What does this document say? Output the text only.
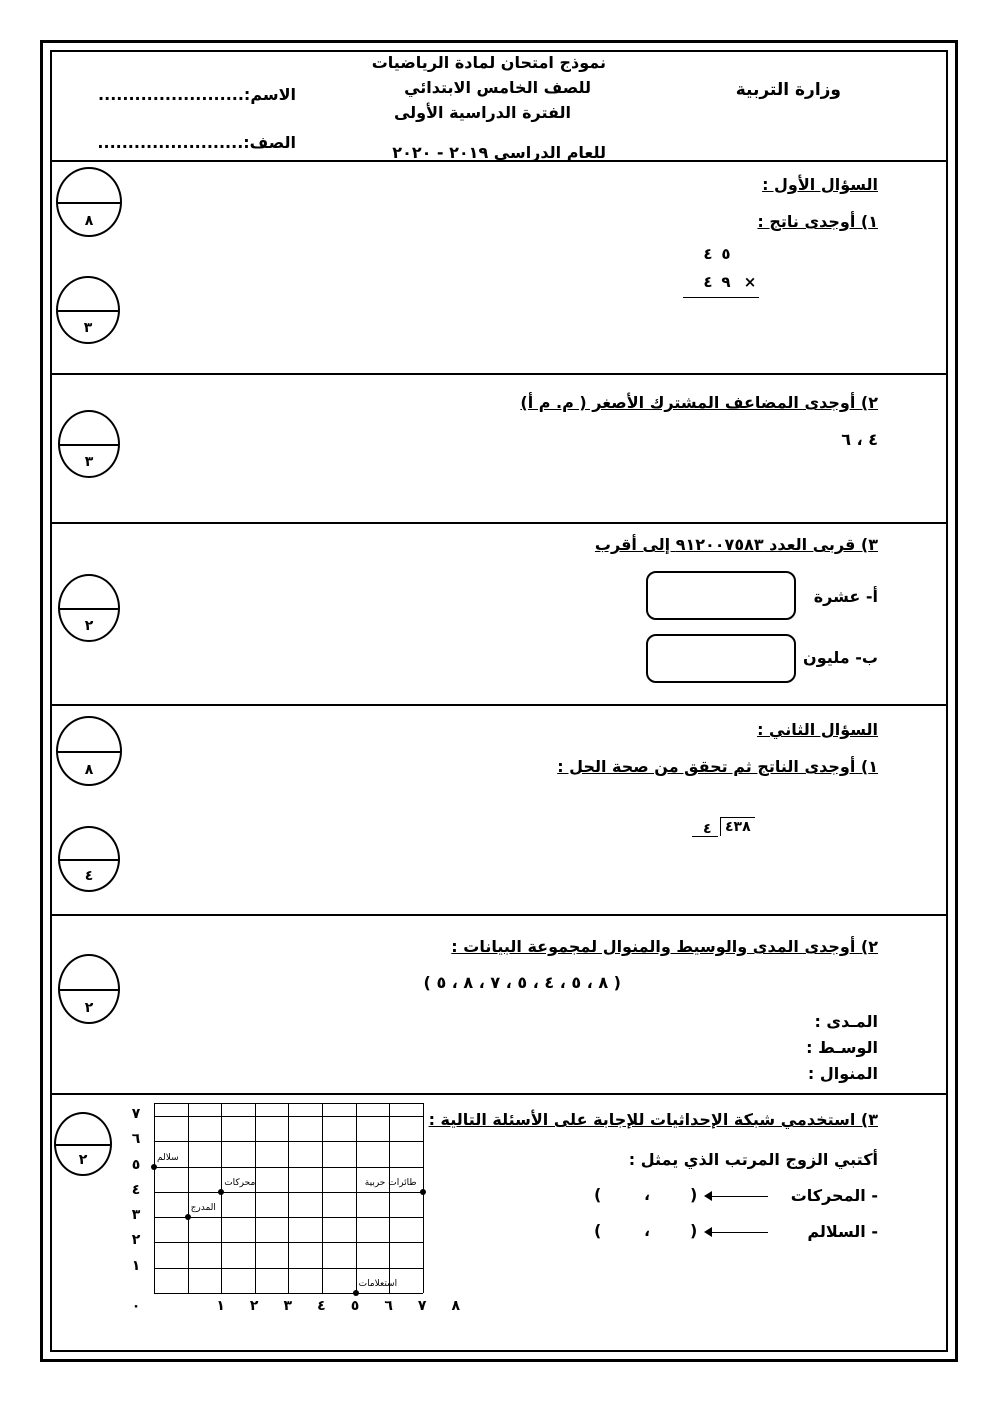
وزارة التربية
نموذج امتحان لمادة الرياضيات
للصف الخامس الابتدائي
الفترة الدراسية الأولى
للعام الدراسي ٢٠١٩ - ٢٠٢٠
الاسم:........................
الصف:........................
السؤال الأول :
١) أوجدى ناتج :
٥
٤
×
٩
٤
٨
٣
٢) أوجدى المضاعف المشترك الأصغر ( م. م أ)
٤ ، ٦
٣
٣) قربى العدد ٩١٢٠٠٧٥٨٣ إلى أقرب
أ- عشرة
ب- مليون
٢
السؤال الثاني :
١) أوجدى الناتج ثم تحقق من صحة الحل :
٤٣٨
٤
٨
٤
٢) أوجدى المدى والوسيط والمنوال لمجموعة البيانات :
( ٨ ، ٥ ، ٤ ، ٥ ، ٧ ، ٨ ، ٥ )
المـدى :
الوسـط :
المنوال :
٢
٣) استخدمي شبكة الإحداثيات للإجابة على الأسئلة التالية :
أكتبي الزوج المرتب الذي يمثل :
- المحركات
(
،
)
- السلالم
(
،
)
٢
٠	١ ٢ ٣ ٤ ٥ ٦ ٧ ٨
٧
٦
٥
٤
٣
٢
١
سلالم
محركات
المدرج
طائرات حربية
استعلامات
